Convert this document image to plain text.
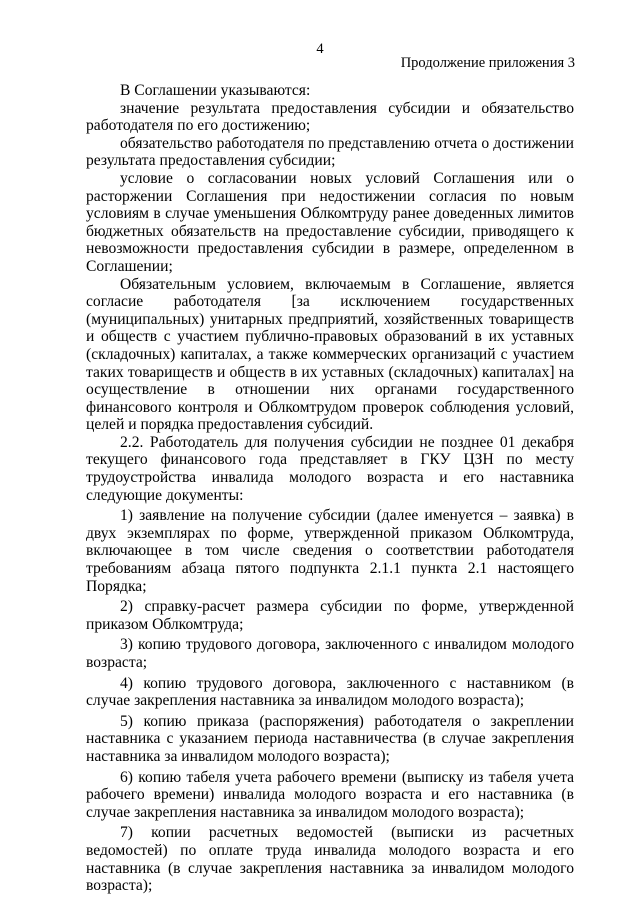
4
Продолжение приложения 3

В Соглашении указываются:

значение результата предоставления субсидии и обязательство работодателя по его достижению;

обязательство работодателя по представлению отчета о достижении результата предоставления субсидии;

условие о согласовании новых условий Соглашения или о расторжении Соглашения при недостижении согласия по новым условиям в случае уменьшения Облкомтруду ранее доведенных лимитов бюджетных обязательств на предоставление субсидии, приводящего к невозможности предоставления субсидии в размере, определенном в Соглашении;

Обязательным условием, включаемым в Соглашение, является согласие работодателя [за исключением государственных (муниципальных) унитарных предприятий, хозяйственных товариществ и обществ с участием публично-правовых образований в их уставных (складочных) капиталах, а также коммерческих организаций с участием таких товариществ и обществ в их уставных (складочных) капиталах] на осуществление в отношении них органами государственного финансового контроля и Облкомтрудом проверок соблюдения условий, целей и порядка предоставления субсидий.

2.2. Работодатель для получения субсидии не позднее 01 декабря текущего финансового года представляет в ГКУ ЦЗН по месту трудоустройства инвалида молодого возраста и его наставника следующие документы:

1) заявление на получение субсидии (далее именуется – заявка) в двух экземплярах по форме, утвержденной приказом Облкомтруда, включающее в том числе сведения о соответствии работодателя требованиям абзаца пятого подпункта 2.1.1 пункта 2.1 настоящего Порядка;

2) справку-расчет размера субсидии по форме, утвержденной приказом Облкомтруда;

3) копию трудового договора, заключенного с инвалидом молодого возраста;

4) копию трудового договора, заключенного с наставником (в случае закрепления наставника за инвалидом молодого возраста);

5) копию приказа (распоряжения) работодателя о закреплении наставника с указанием периода наставничества (в случае закрепления наставника за инвалидом молодого возраста);

6) копию табеля учета рабочего времени (выписку из табеля учета рабочего времени) инвалида молодого возраста и его наставника (в случае закрепления наставника за инвалидом молодого возраста);

7) копии расчетных ведомостей (выписки из расчетных ведомостей) по оплате труда инвалида молодого возраста и его наставника (в случае закрепления наставника за инвалидом молодого возраста);
